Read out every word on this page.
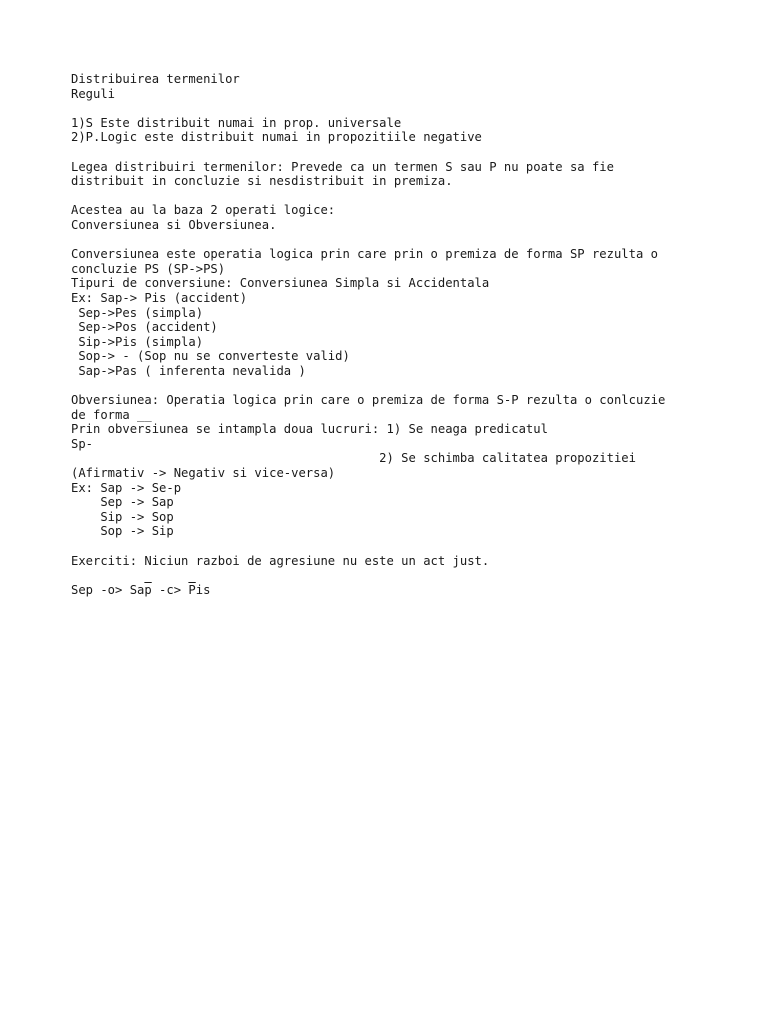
Distribuirea termenilor
Reguli
1)S Este distribuit numai in prop. universale
2)P.Logic este distribuit numai in propozitiile negative
Legea distribuiri termenilor: Prevede ca un termen S sau P nu poate sa fie
distribuit in concluzie si nesdistribuit in premiza.
Acestea au la baza 2 operati logice:
Conversiunea si Obversiunea.
Conversiunea este operatia logica prin care prin o premiza de forma SP rezulta o
concluzie PS (SP->PS)
Tipuri de conversiune: Conversiunea Simpla si Accidentala
Ex: Sap-> Pis (accident)
Sep->Pes (simpla)
Sep->Pos (accident)
Sip->Pis (simpla)
Sop-> - (Sop nu se converteste valid)
Sap->Pas ( inferenta nevalida )
Obversiunea: Operatia logica prin care o premiza de forma S-P rezulta o conlcuzie
de forma __
Prin obversiunea se intampla doua lucruri: 1) Se neaga predicatul
Sp-
2) Se schimba calitatea propozitiei
(Afirmativ -> Negativ si vice-versa)
Ex: Sap -> Se-p
Sep -> Sap
Sip -> Sop
Sop -> Sip
Exerciti: Niciun razboi de agresiune nu este un act just.
Sep $-o> Sa\overline{p}$ $-c> \overline{P}is$
